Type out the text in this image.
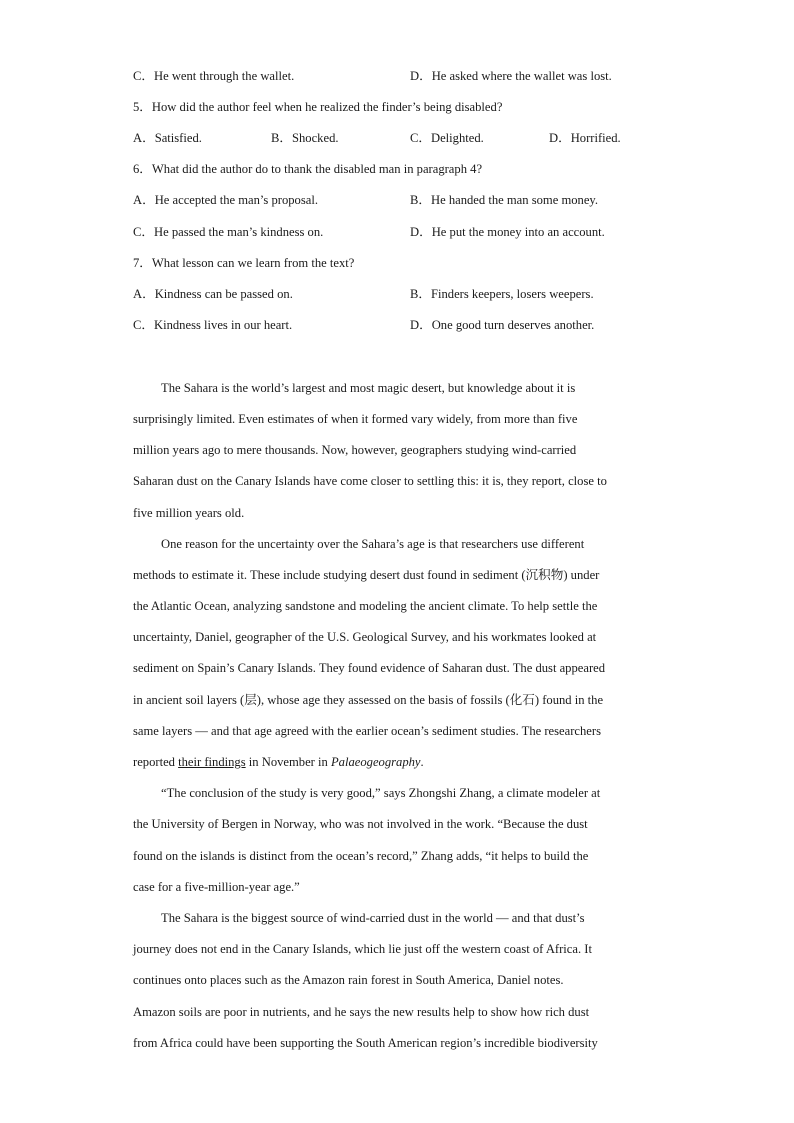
C．He went through the wallet.	D．He asked where the wallet was lost.
5．How did the author feel when he realized the finder’s being disabled?
A．Satisfied.	B．Shocked.	C．Delighted.	D．Horrified.
6．What did the author do to thank the disabled man in paragraph 4?
A．He accepted the man’s proposal.	B．He handed the man some money.
C．He passed the man’s kindness on.	D．He put the money into an account.
7．What lesson can we learn from the text?
A．Kindness can be passed on.	B．Finders keepers, losers weepers.
C．Kindness lives in our heart.	D．One good turn deserves another.
The Sahara is the world’s largest and most magic desert, but knowledge about it is
surprisingly limited. Even estimates of when it formed vary widely, from more than five
million years ago to mere thousands. Now, however, geographers studying wind-carried
Saharan dust on the Canary Islands have come closer to settling this: it is, they report, close to
five million years old.
One reason for the uncertainty over the Sahara’s age is that researchers use different
methods to estimate it. These include studying desert dust found in sediment (沉积物) under
the Atlantic Ocean, analyzing sandstone and modeling the ancient climate. To help settle the
uncertainty, Daniel, geographer of the U.S. Geological Survey, and his workmates looked at
sediment on Spain’s Canary Islands. They found evidence of Saharan dust. The dust appeared
in ancient soil layers (层), whose age they assessed on the basis of fossils (化石) found in the
same layers — and that age agreed with the earlier ocean’s sediment studies. The researchers
reported their findings in November in Palaeogeography.
“The conclusion of the study is very good,” says Zhongshi Zhang, a climate modeler at
the University of Bergen in Norway, who was not involved in the work. “Because the dust
found on the islands is distinct from the ocean’s record,” Zhang adds, “it helps to build the
case for a five-million-year age.”
The Sahara is the biggest source of wind-carried dust in the world — and that dust’s
journey does not end in the Canary Islands, which lie just off the western coast of Africa. It
continues onto places such as the Amazon rain forest in South America, Daniel notes.
Amazon soils are poor in nutrients, and he says the new results help to show how rich dust
from Africa could have been supporting the South American region’s incredible biodiversity
